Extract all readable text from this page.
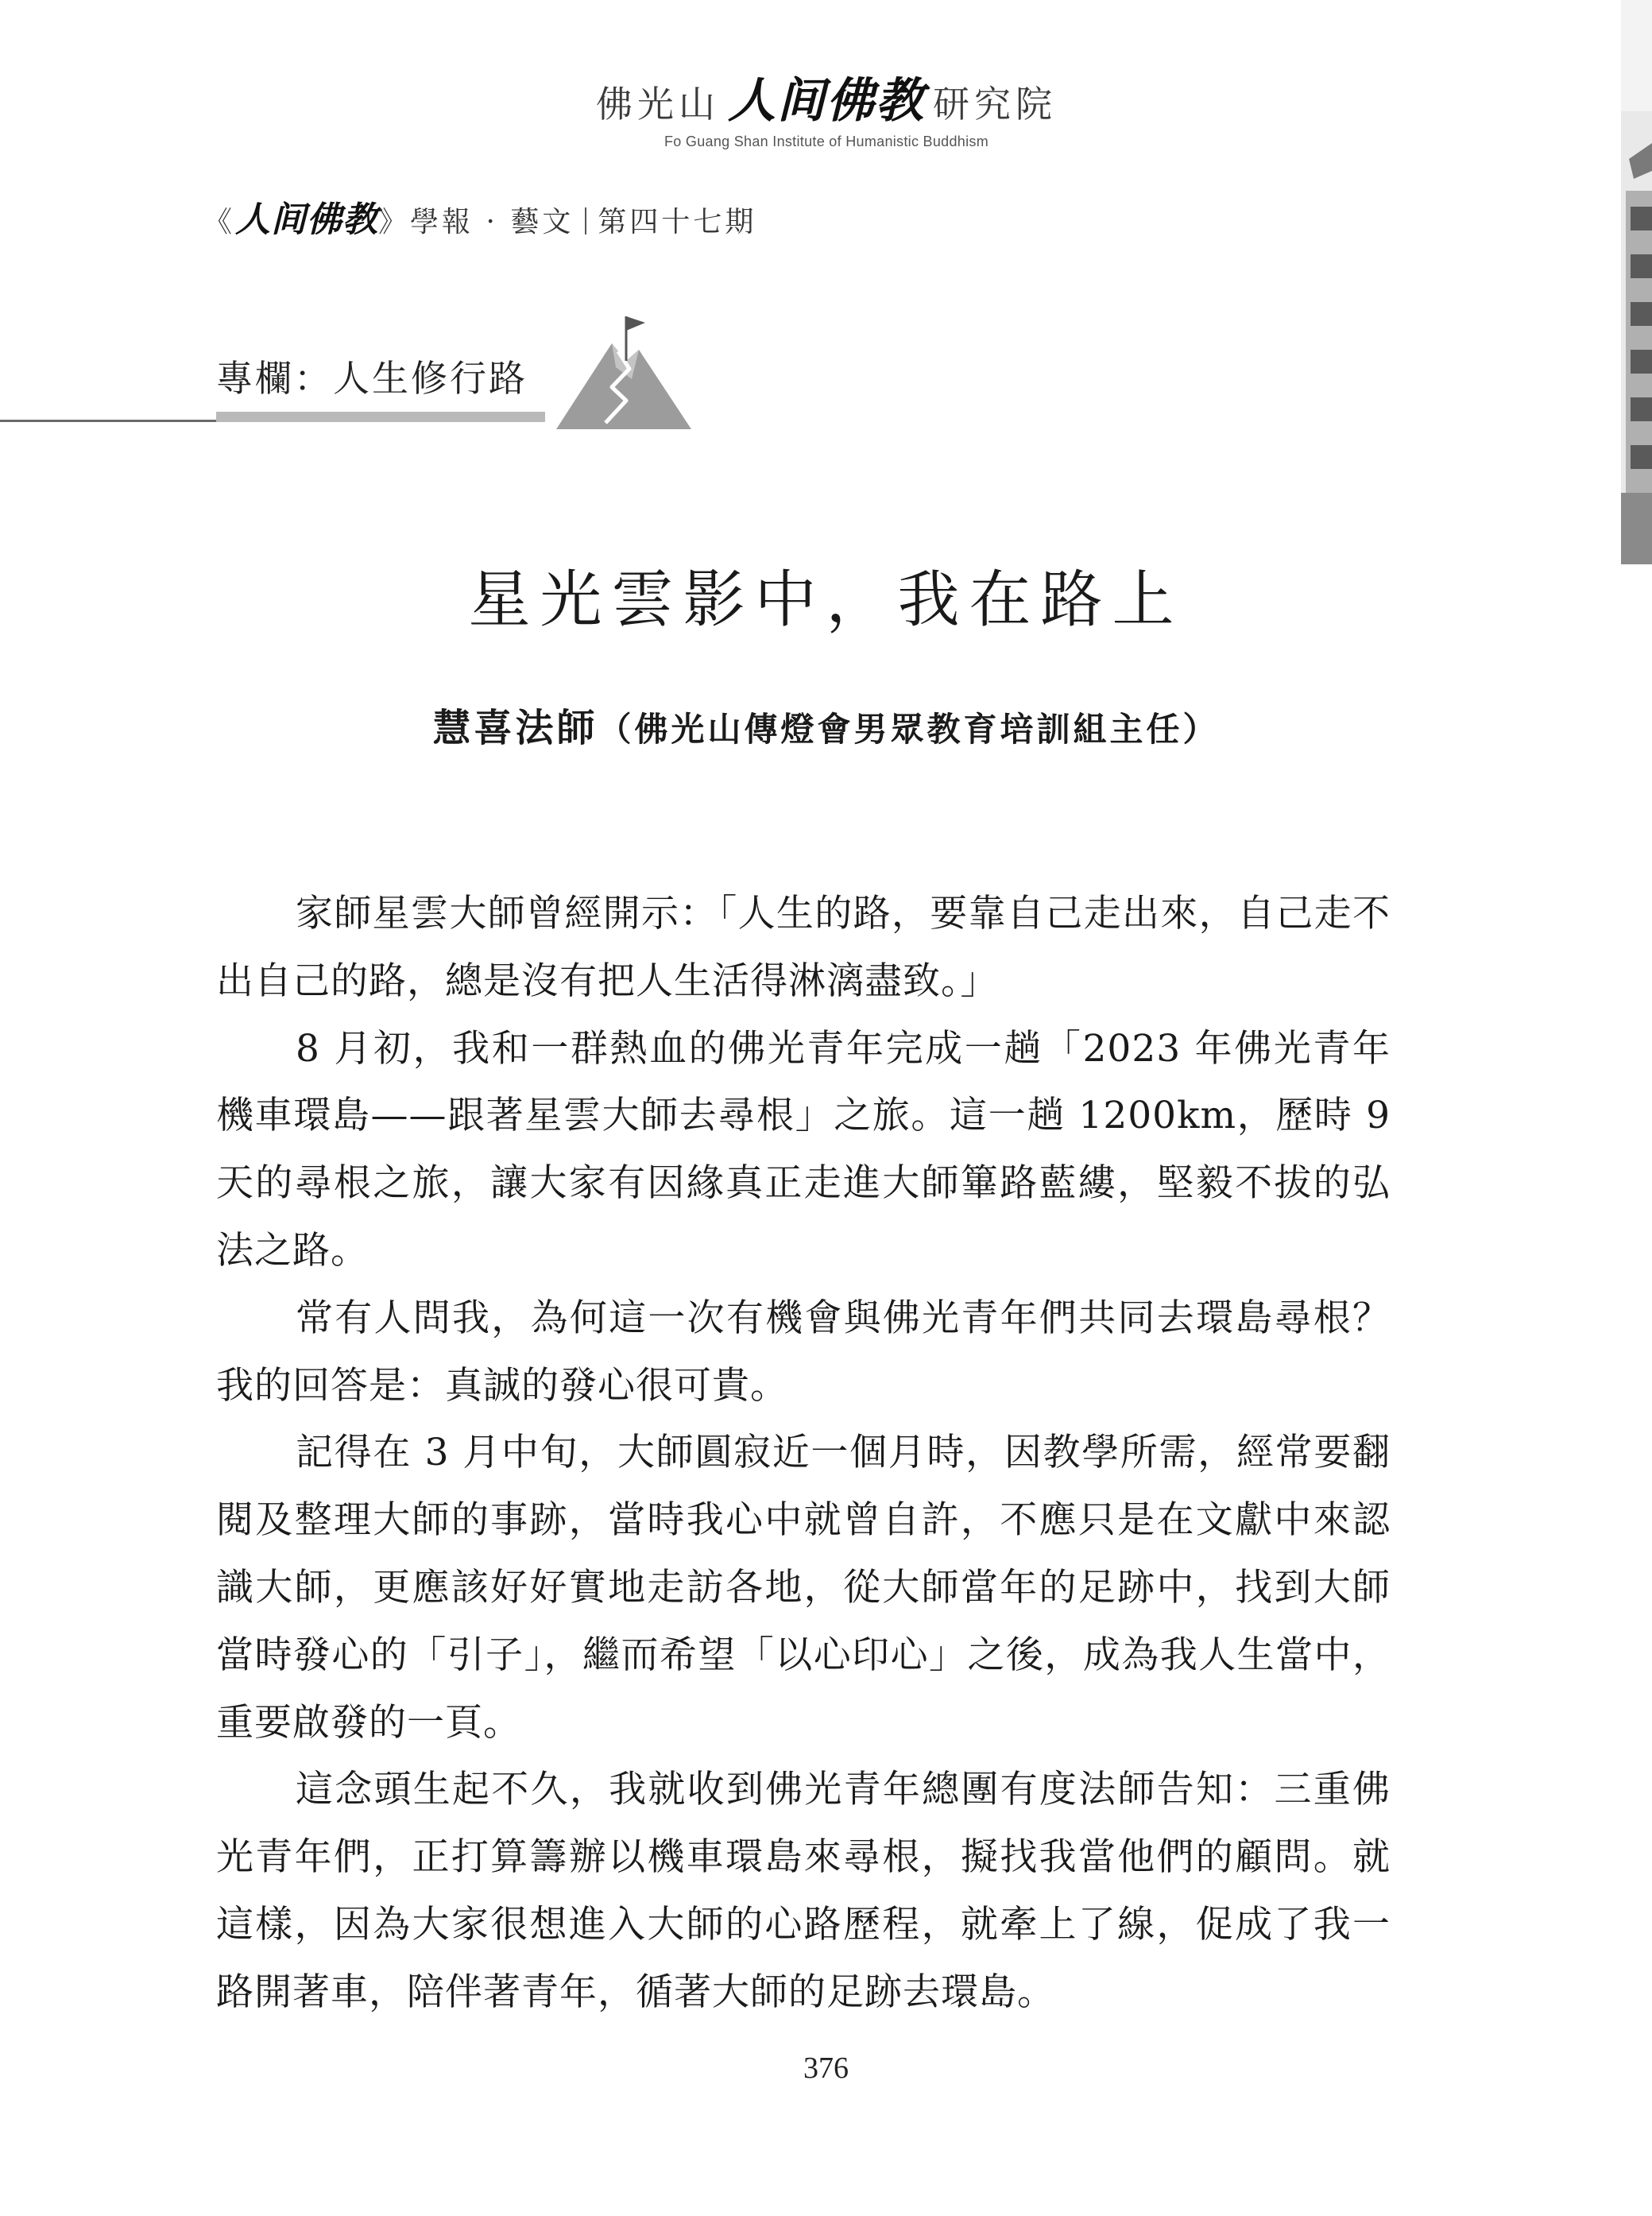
佛光山 人间佛教 研究院
Fo Guang Shan Institute of Humanistic Buddhism
《人间佛教》學報 · 藝文 第四十七期
專欄：人生修行路
星光雲影中，我在路上
慧喜法師（佛光山傳燈會男眾教育培訓組主任）

家師星雲大師曾經開示：「人生的路，要靠自己走出來，自己走不出自己的路，總是沒有把人生活得淋漓盡致。」

8 月初，我和一群熱血的佛光青年完成一趟「2023 年佛光青年機車環島——跟著星雲大師去尋根」之旅。這一趟 1200km，歷時 9 天的尋根之旅，讓大家有因緣真正走進大師篳路藍縷，堅毅不拔的弘法之路。

常有人問我，為何這一次有機會與佛光青年們共同去環島尋根？我的回答是：真誠的發心很可貴。

記得在 3 月中旬，大師圓寂近一個月時，因教學所需，經常要翻閱及整理大師的事跡，當時我心中就曾自許，不應只是在文獻中來認識大師，更應該好好實地走訪各地，從大師當年的足跡中，找到大師當時發心的「引子」，繼而希望「以心印心」之後，成為我人生當中，重要啟發的一頁。

這念頭生起不久，我就收到佛光青年總團有度法師告知：三重佛光青年們，正打算籌辦以機車環島來尋根，擬找我當他們的顧問。就這樣，因為大家很想進入大師的心路歷程，就牽上了線，促成了我一路開著車，陪伴著青年，循著大師的足跡去環島。

376
